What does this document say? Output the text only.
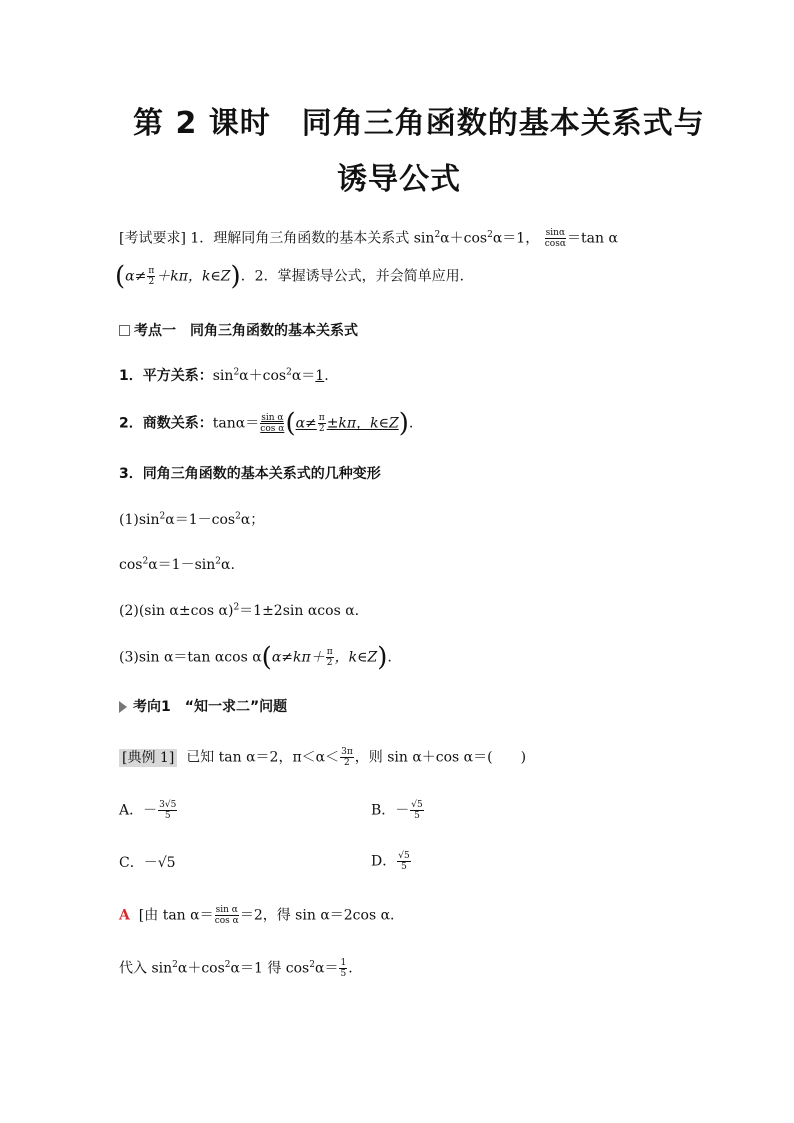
第 2 课时　同角三角函数的基本关系式与
诱导公式
[考试要求] 1．理解同角三角函数的基本关系式 $\sin^2\alpha+\cos^2\alpha=1$， $\frac{\sin\alpha}{\cos\alpha} =\tan$ α
($\alpha\ne \frac{\pi}{2} +k\pi$，k∈Z)．2．掌握诱导公式，并会简单应用．
考点一　同角三角函数的基本关系式
1．平方关系：$\sin^2\alpha+\cos^2\alpha=1$.
2．商数关系：$\tan\alpha= \frac{\text{sin α}}{\text{cos α}} (\alpha\ne \frac{\pi}{2} \pm k\pi$，k∈Z).
3．同角三角函数的基本关系式的几种变形
$(1)\sin^2\alpha=1-\cos^2\alpha$；
$\cos^2\alpha=1-\sin^2\alpha$.
(2)(sin α±cos α)$^2$＝1±2sin αcos α.
(3)sin α＝tan αcos $\alpha(\alpha\ne k\pi+ \frac{\pi}{2}$ ，k∈Z).
考向1　“知一求二”问题
[典例 1] 已知 tan α＝2，$\pi<\alpha< \frac{3\pi}{2}$ ，则 sin α＋cos α＝(　　)
A．－ $\frac{3√5}{5}$	B．－ $\frac{√5}{5}$
C．－√5	D． $\frac{√5}{5}$
A [由 $\tan \alpha= \frac{\text{sin α}}{\text{cos α}} =2$，得 sin α＝2cos α.
代入 $\sin^2\alpha+\cos^2\alpha=1$ 得 $\cos^2\alpha= \frac{1}{5}$ .
